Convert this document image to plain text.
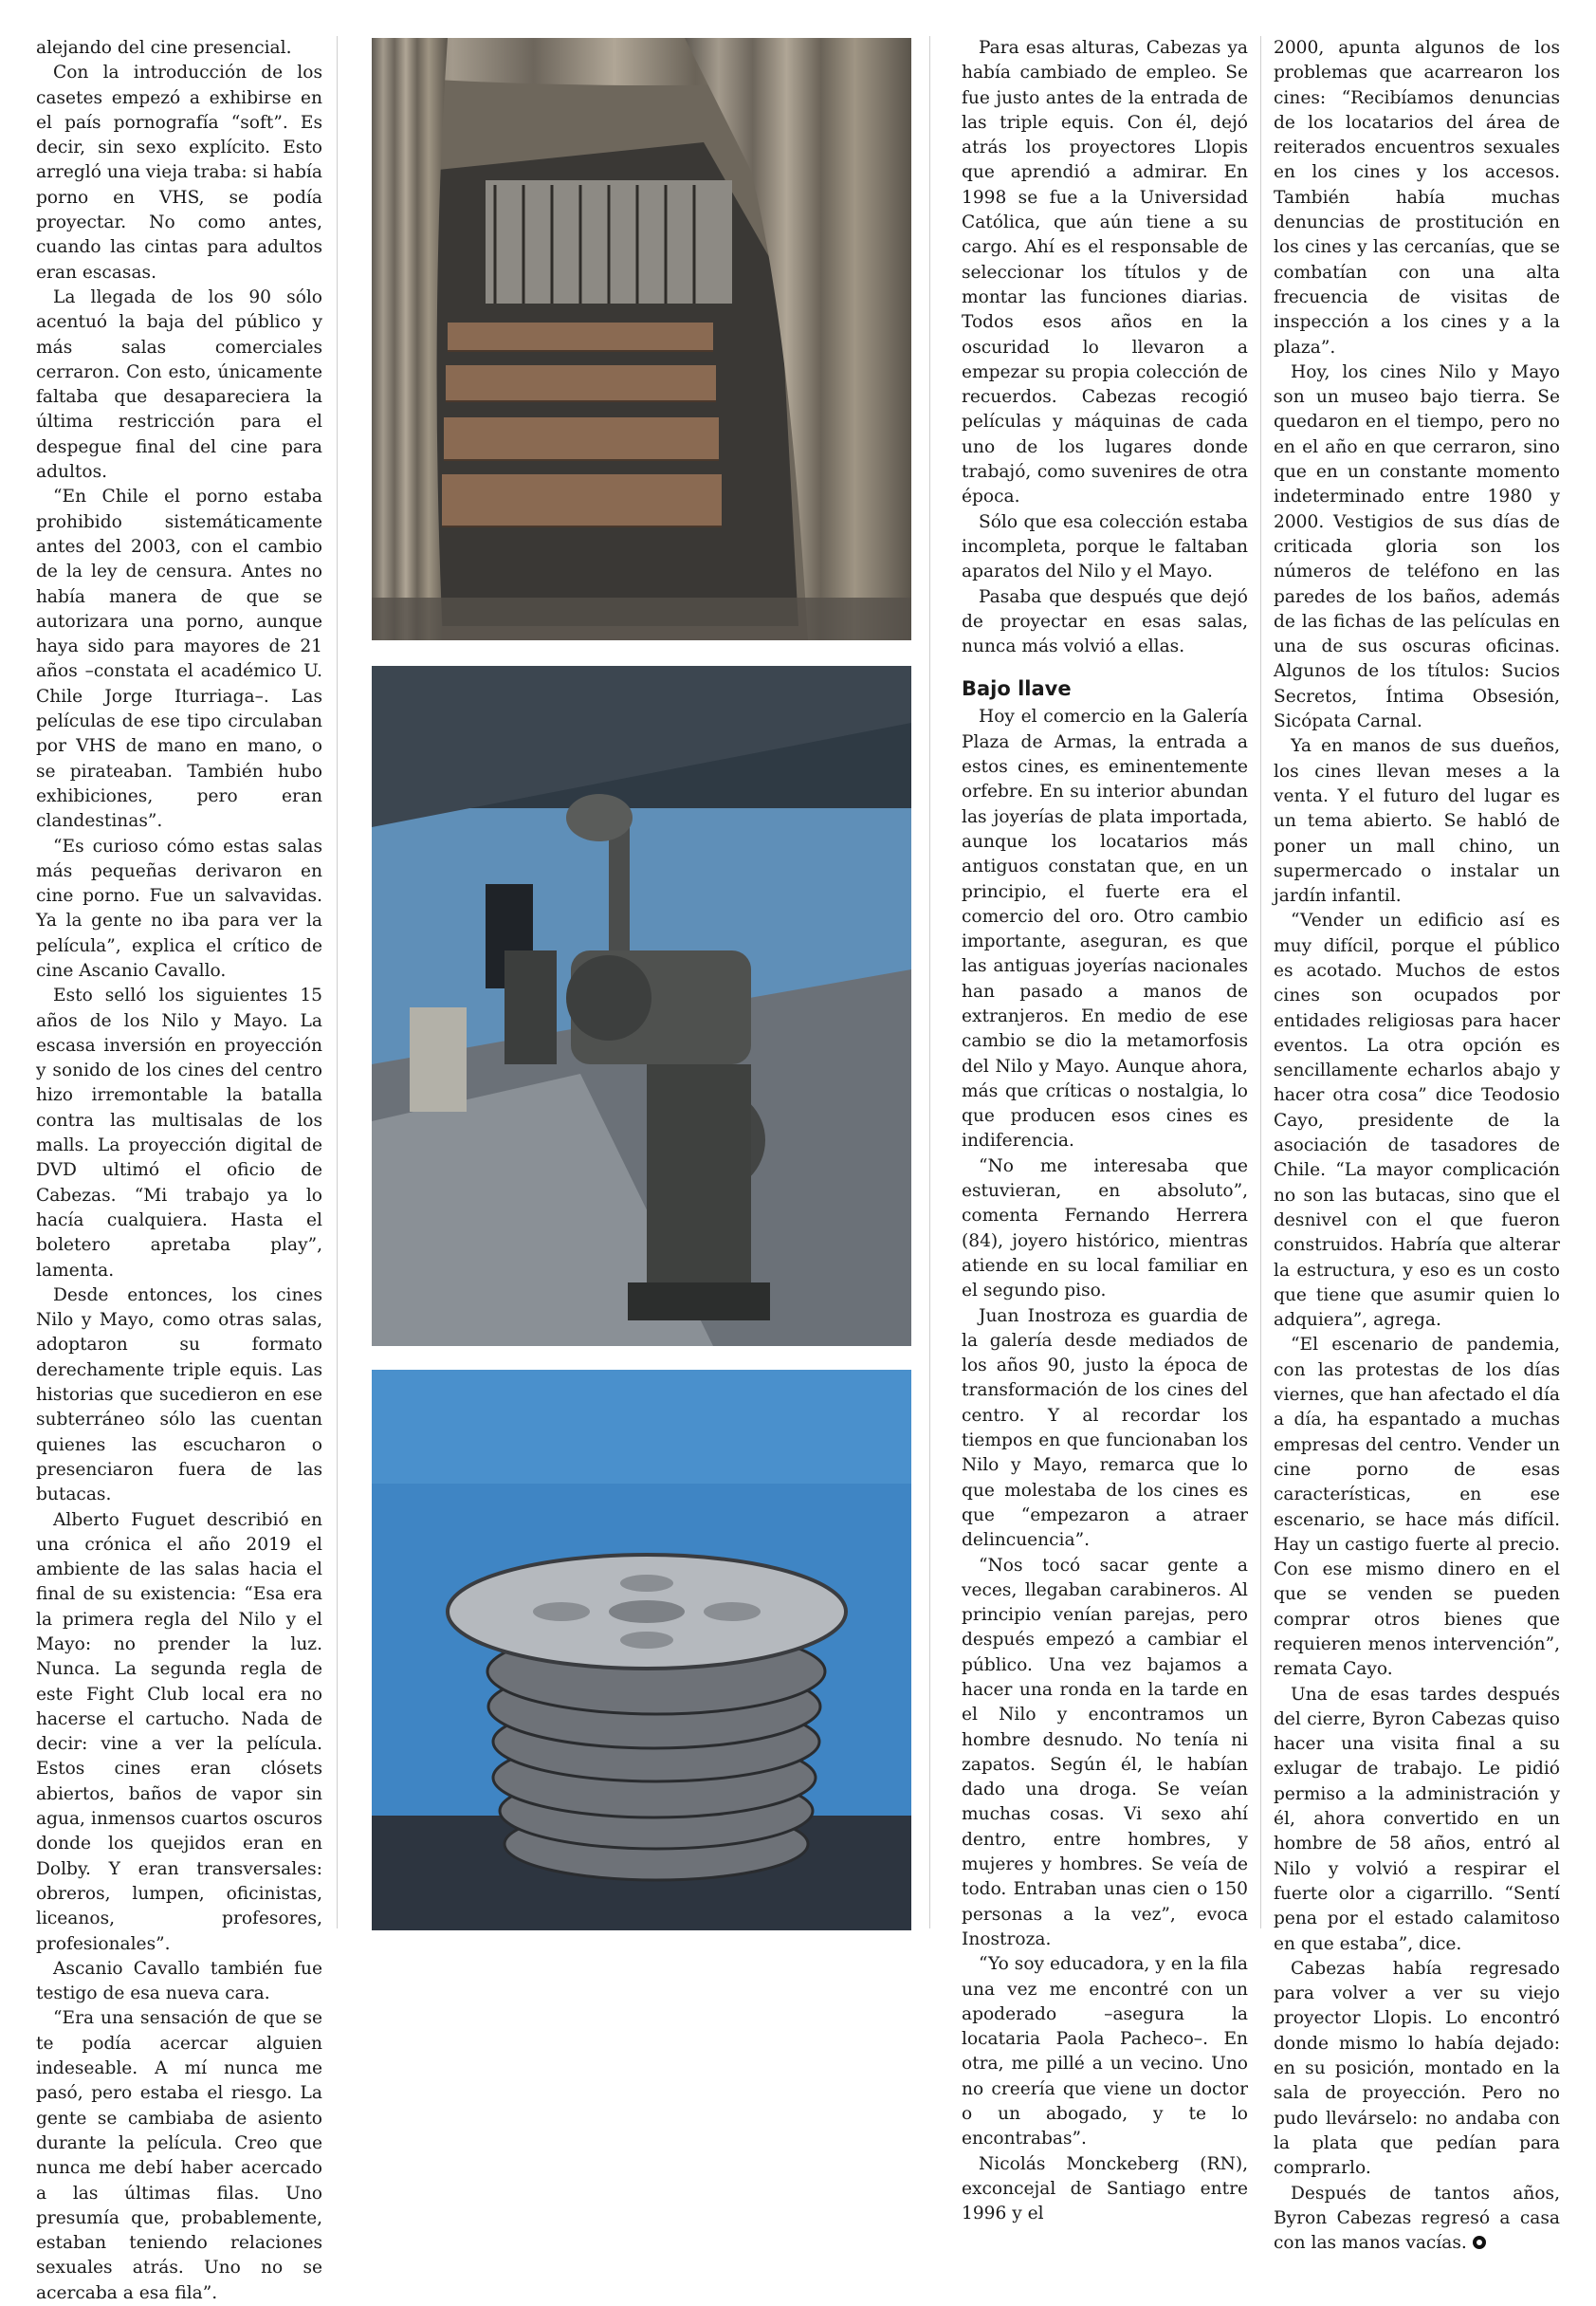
alejando del cine presencial.

Con la introducción de los casetes empezó a exhibirse en el país pornografía “soft”. Es decir, sin sexo explícito. Esto arregló una vieja traba: si había porno en VHS, se podía proyectar. No como antes, cuando las cintas para adultos eran escasas.

La llegada de los 90 sólo acentuó la baja del público y más salas comerciales cerraron. Con esto, únicamente faltaba que desapareciera la última restricción para el despegue final del cine para adultos.

“En Chile el porno estaba prohibido sistemáticamente antes del 2003, con el cambio de la ley de censura. Antes no había manera de que se autorizara una porno, aunque haya sido para mayores de 21 años –constata el académico U. Chile Jorge Iturriaga–. Las películas de ese tipo circulaban por VHS de mano en mano, o se pirateaban. También hubo exhibiciones, pero eran clandestinas”.

“Es curioso cómo estas salas más pequeñas derivaron en cine porno. Fue un salvavidas. Ya la gente no iba para ver la película”, explica el crítico de cine Ascanio Cavallo.

Esto selló los siguientes 15 años de los Nilo y Mayo. La escasa inversión en proyección y sonido de los cines del centro hizo irremontable la batalla contra las multisalas de los malls. La proyección digital de DVD ultimó el oficio de Cabezas. “Mi trabajo ya lo hacía cualquiera. Hasta el boletero apretaba play”, lamenta.

Desde entonces, los cines Nilo y Mayo, como otras salas, adoptaron su formato derechamente triple equis. Las historias que sucedieron en ese subterráneo sólo las cuentan quienes las escucharon o presenciaron fuera de las butacas.

Alberto Fuguet describió en una crónica el año 2019 el ambiente de las salas hacia el final de su existencia: “Esa era la primera regla del Nilo y el Mayo: no prender la luz. Nunca. La segunda regla de este Fight Club local era no hacerse el cartucho. Nada de decir: vine a ver la película. Estos cines eran clósets abiertos, baños de vapor sin agua, inmensos cuartos oscuros donde los quejidos eran en Dolby. Y eran transversales: obreros, lumpen, oficinistas, liceanos, profesores, profesionales”.

Ascanio Cavallo también fue testigo de esa nueva cara.

“Era una sensación de que se te podía acercar alguien indeseable. A mí nunca me pasó, pero estaba el riesgo. La gente se cambiaba de asiento durante la película. Creo que nunca me debí haber acercado a las últimas filas. Uno presumía que, probablemente, estaban teniendo relaciones sexuales atrás. Uno no se acercaba a esa fila”.

Para esas alturas, Cabezas ya había cambiado de empleo. Se fue justo antes de la entrada de las triple equis. Con él, dejó atrás los proyectores Llopis que aprendió a admirar. En 1998 se fue a la Universidad Católica, que aún tiene a su cargo. Ahí es el responsable de seleccionar los títulos y de montar las funciones diarias. Todos esos años en la oscuridad lo llevaron a empezar su propia colección de recuerdos. Cabezas recogió películas y máquinas de cada uno de los lugares donde trabajó, como suvenires de otra época.

Sólo que esa colección estaba incompleta, porque le faltaban aparatos del Nilo y el Mayo.

Pasaba que después que dejó de proyectar en esas salas, nunca más volvió a ellas.

Bajo llave

Hoy el comercio en la Galería Plaza de Armas, la entrada a estos cines, es eminentemente orfebre. En su interior abundan las joyerías de plata importada, aunque los locatarios más antiguos constatan que, en un principio, el fuerte era el comercio del oro. Otro cambio importante, aseguran, es que las antiguas joyerías nacionales han pasado a manos de extranjeros. En medio de ese cambio se dio la metamorfosis del Nilo y Mayo. Aunque ahora, más que críticas o nostalgia, lo que producen esos cines es indiferencia.

“No me interesaba que estuvieran, en absoluto”, comenta Fernando Herrera (84), joyero histórico, mientras atiende en su local familiar en el segundo piso.

Juan Inostroza es guardia de la galería desde mediados de los años 90, justo la época de transformación de los cines del centro. Y al recordar los tiempos en que funcionaban los Nilo y Mayo, remarca que lo que molestaba de los cines es que “empezaron a atraer delincuencia”.

“Nos tocó sacar gente a veces, llegaban carabineros. Al principio venían parejas, pero después empezó a cambiar el público. Una vez bajamos a hacer una ronda en la tarde en el Nilo y encontramos un hombre desnudo. No tenía ni zapatos. Según él, le habían dado una droga. Se veían muchas cosas. Vi sexo ahí dentro, entre hombres, y mujeres y hombres. Se veía de todo. Entraban unas cien o 150 personas a la vez”, evoca Inostroza.

“Yo soy educadora, y en la fila una vez me encontré con un apoderado –asegura la locataria Paola Pacheco–. En otra, me pillé a un vecino. Uno no creería que viene un doctor o un abogado, y te lo encontrabas”.

Nicolás Monckeberg (RN), exconcejal de Santiago entre 1996 y el

2000, apunta algunos de los problemas que acarrearon los cines: “Recibíamos denuncias de los locatarios del área de reiterados encuentros sexuales en los cines y los accesos. También había muchas denuncias de prostitución en los cines y las cercanías, que se combatían con una alta frecuencia de visitas de inspección a los cines y a la plaza”.

Hoy, los cines Nilo y Mayo son un museo bajo tierra. Se quedaron en el tiempo, pero no en el año en que cerraron, sino que en un constante momento indeterminado entre 1980 y 2000. Vestigios de sus días de criticada gloria son los números de teléfono en las paredes de los baños, además de las fichas de las películas en una de sus oscuras oficinas. Algunos de los títulos: Sucios Secretos, Íntima Obsesión, Sicópata Carnal.

Ya en manos de sus dueños, los cines llevan meses a la venta. Y el futuro del lugar es un tema abierto. Se habló de poner un mall chino, un supermercado o instalar un jardín infantil.

“Vender un edificio así es muy difícil, porque el público es acotado. Muchos de estos cines son ocupados por entidades religiosas para hacer eventos. La otra opción es sencillamente echarlos abajo y hacer otra cosa” dice Teodosio Cayo, presidente de la asociación de tasadores de Chile. “La mayor complicación no son las butacas, sino que el desnivel con el que fueron construidos. Habría que alterar la estructura, y eso es un costo que tiene que asumir quien lo adquiera”, agrega.

“El escenario de pandemia, con las protestas de los días viernes, que han afectado el día a día, ha espantado a muchas empresas del centro. Vender un cine porno de esas características, en ese escenario, se hace más difícil. Hay un castigo fuerte al precio. Con ese mismo dinero en el que se venden se pueden comprar otros bienes que requieren menos intervención”, remata Cayo.

Una de esas tardes después del cierre, Byron Cabezas quiso hacer una visita final a su exlugar de trabajo. Le pidió permiso a la administración y él, ahora convertido en un hombre de 58 años, entró al Nilo y volvió a respirar el fuerte olor a cigarrillo. “Sentí pena por el estado calamitoso en que estaba”, dice.

Cabezas había regresado para volver a ver su viejo proyector Llopis. Lo encontró donde mismo lo había dejado: en su posición, montado en la sala de proyección. Pero no pudo llevárselo: no andaba con la plata que pedían para comprarlo.

Después de tantos años, Byron Cabezas regresó a casa con las manos vacías.
